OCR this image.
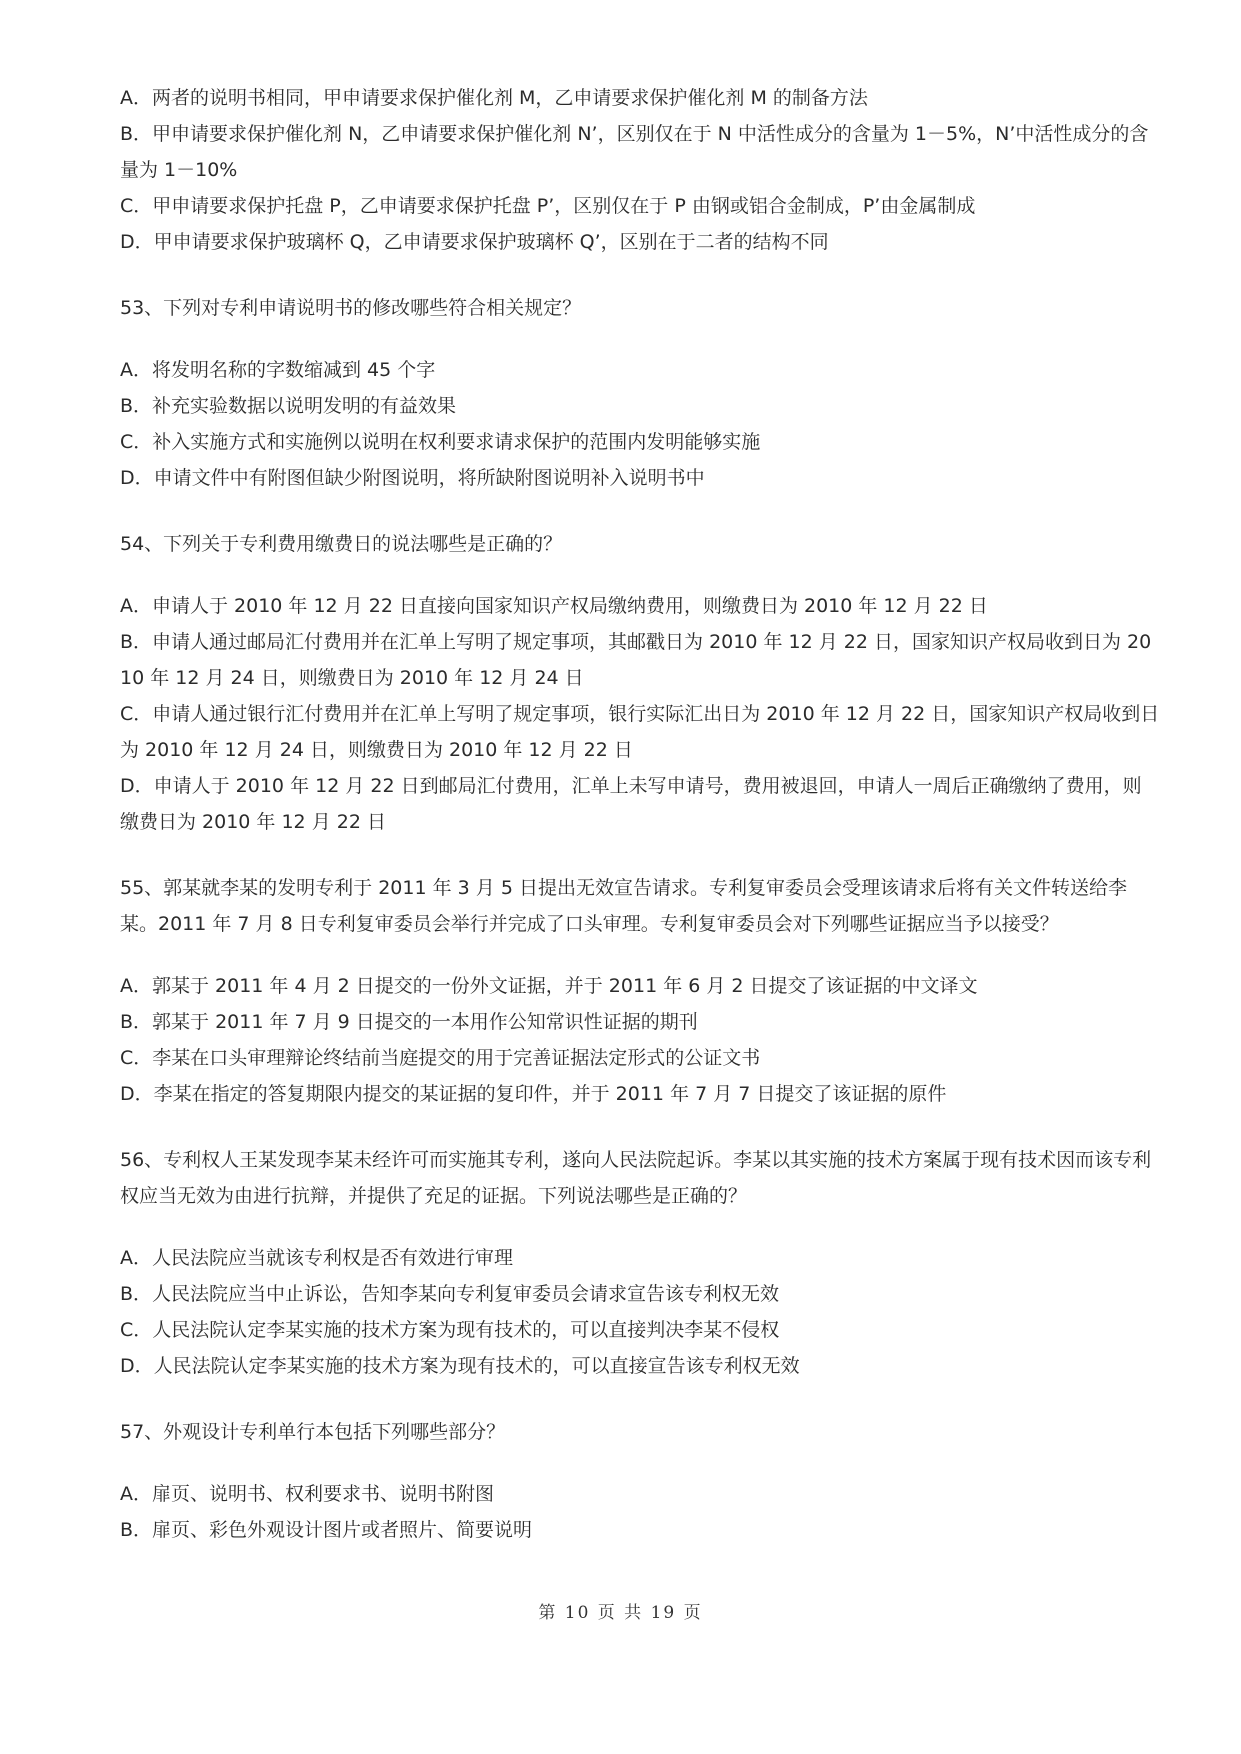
A．两者的说明书相同，甲申请要求保护催化剂 M，乙申请要求保护催化剂 M 的制备方法
B．甲申请要求保护催化剂 N，乙申请要求保护催化剂 N’，区别仅在于 N 中活性成分的含量为 1－5%，N’中活性成分的含量为 1－10%
C．甲申请要求保护托盘 P，乙申请要求保护托盘 P’，区别仅在于 P 由钢或铝合金制成，P’由金属制成
D．甲申请要求保护玻璃杯 Q，乙申请要求保护玻璃杯 Q’，区别在于二者的结构不同
53、下列对专利申请说明书的修改哪些符合相关规定？
A．将发明名称的字数缩减到 45 个字
B．补充实验数据以说明发明的有益效果
C．补入实施方式和实施例以说明在权利要求请求保护的范围内发明能够实施
D．申请文件中有附图但缺少附图说明，将所缺附图说明补入说明书中
54、下列关于专利费用缴费日的说法哪些是正确的？
A．申请人于 2010 年 12 月 22 日直接向国家知识产权局缴纳费用，则缴费日为 2010 年 12 月 22 日
B．申请人通过邮局汇付费用并在汇单上写明了规定事项，其邮戳日为 2010 年 12 月 22 日，国家知识产权局收到日为 2010 年 12 月 24 日，则缴费日为 2010 年 12 月 24 日
C．申请人通过银行汇付费用并在汇单上写明了规定事项，银行实际汇出日为 2010 年 12 月 22 日，国家知识产权局收到日为 2010 年 12 月 24 日，则缴费日为 2010 年 12 月 22 日
D．申请人于 2010 年 12 月 22 日到邮局汇付费用，汇单上未写申请号，费用被退回，申请人一周后正确缴纳了费用，则缴费日为 2010 年 12 月 22 日
55、郭某就李某的发明专利于 2011 年 3 月 5 日提出无效宣告请求。专利复审委员会受理该请求后将有关文件转送给李某。2011 年 7 月 8 日专利复审委员会举行并完成了口头审理。专利复审委员会对下列哪些证据应当予以接受？
A．郭某于 2011 年 4 月 2 日提交的一份外文证据，并于 2011 年 6 月 2 日提交了该证据的中文译文
B．郭某于 2011 年 7 月 9 日提交的一本用作公知常识性证据的期刊
C．李某在口头审理辩论终结前当庭提交的用于完善证据法定形式的公证文书
D．李某在指定的答复期限内提交的某证据的复印件，并于 2011 年 7 月 7 日提交了该证据的原件
56、专利权人王某发现李某未经许可而实施其专利，遂向人民法院起诉。李某以其实施的技术方案属于现有技术因而该专利权应当无效为由进行抗辩，并提供了充足的证据。下列说法哪些是正确的？
A．人民法院应当就该专利权是否有效进行审理
B．人民法院应当中止诉讼，告知李某向专利复审委员会请求宣告该专利权无效
C．人民法院认定李某实施的技术方案为现有技术的，可以直接判决李某不侵权
D．人民法院认定李某实施的技术方案为现有技术的，可以直接宣告该专利权无效
57、外观设计专利单行本包括下列哪些部分？
A．扉页、说明书、权利要求书、说明书附图
B．扉页、彩色外观设计图片或者照片、简要说明
第 10 页 共 19 页
